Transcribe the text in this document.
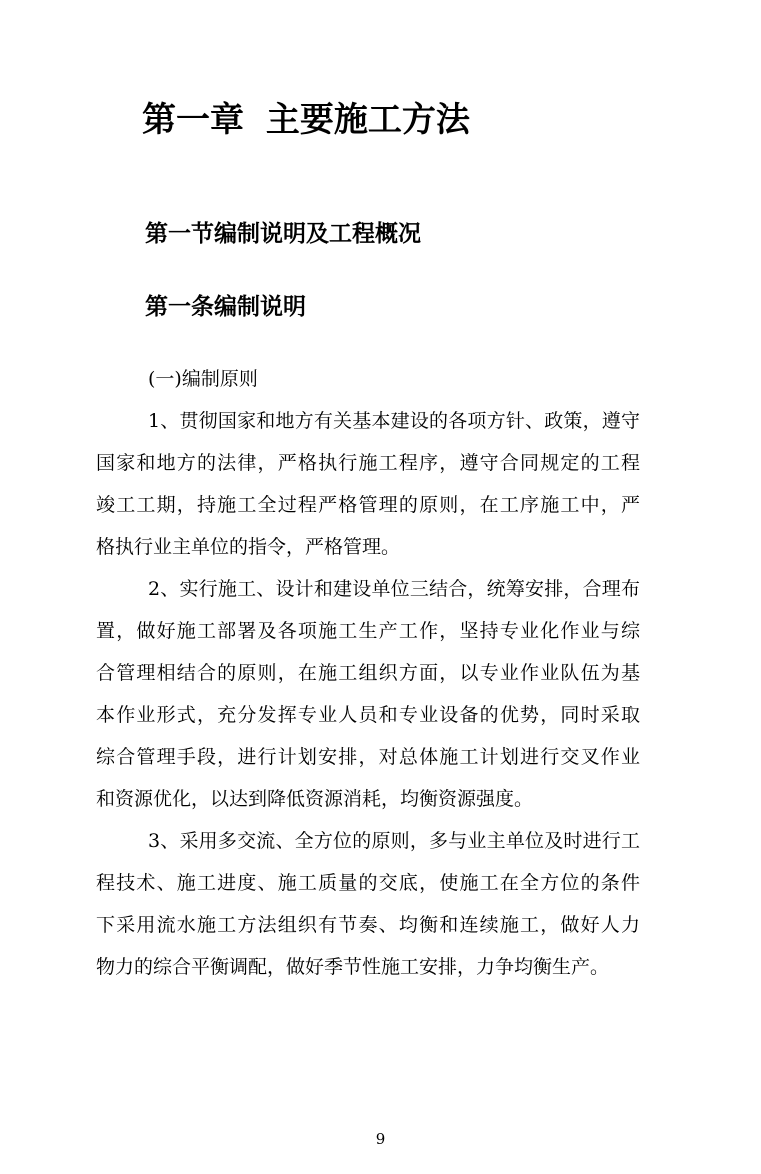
第一章 主要施工方法
第一节编制说明及工程概况
第一条编制说明
(一)编制原则
1、贯彻国家和地方有关基本建设的各项方针、政策，遵守
国家和地方的法律，严格执行施工程序，遵守合同规定的工程
竣工工期，持施工全过程严格管理的原则，在工序施工中，严
格执行业主单位的指令，严格管理。
2、实行施工、设计和建设单位三结合，统筹安排，合理布
置，做好施工部署及各项施工生产工作，坚持专业化作业与综
合管理相结合的原则，在施工组织方面，以专业作业队伍为基
本作业形式，充分发挥专业人员和专业设备的优势，同时采取
综合管理手段，进行计划安排，对总体施工计划进行交叉作业
和资源优化，以达到降低资源消耗，均衡资源强度。
3、采用多交流、全方位的原则，多与业主单位及时进行工
程技术、施工进度、施工质量的交底，使施工在全方位的条件
下采用流水施工方法组织有节奏、均衡和连续施工，做好人力
物力的综合平衡调配，做好季节性施工安排，力争均衡生产。
9
